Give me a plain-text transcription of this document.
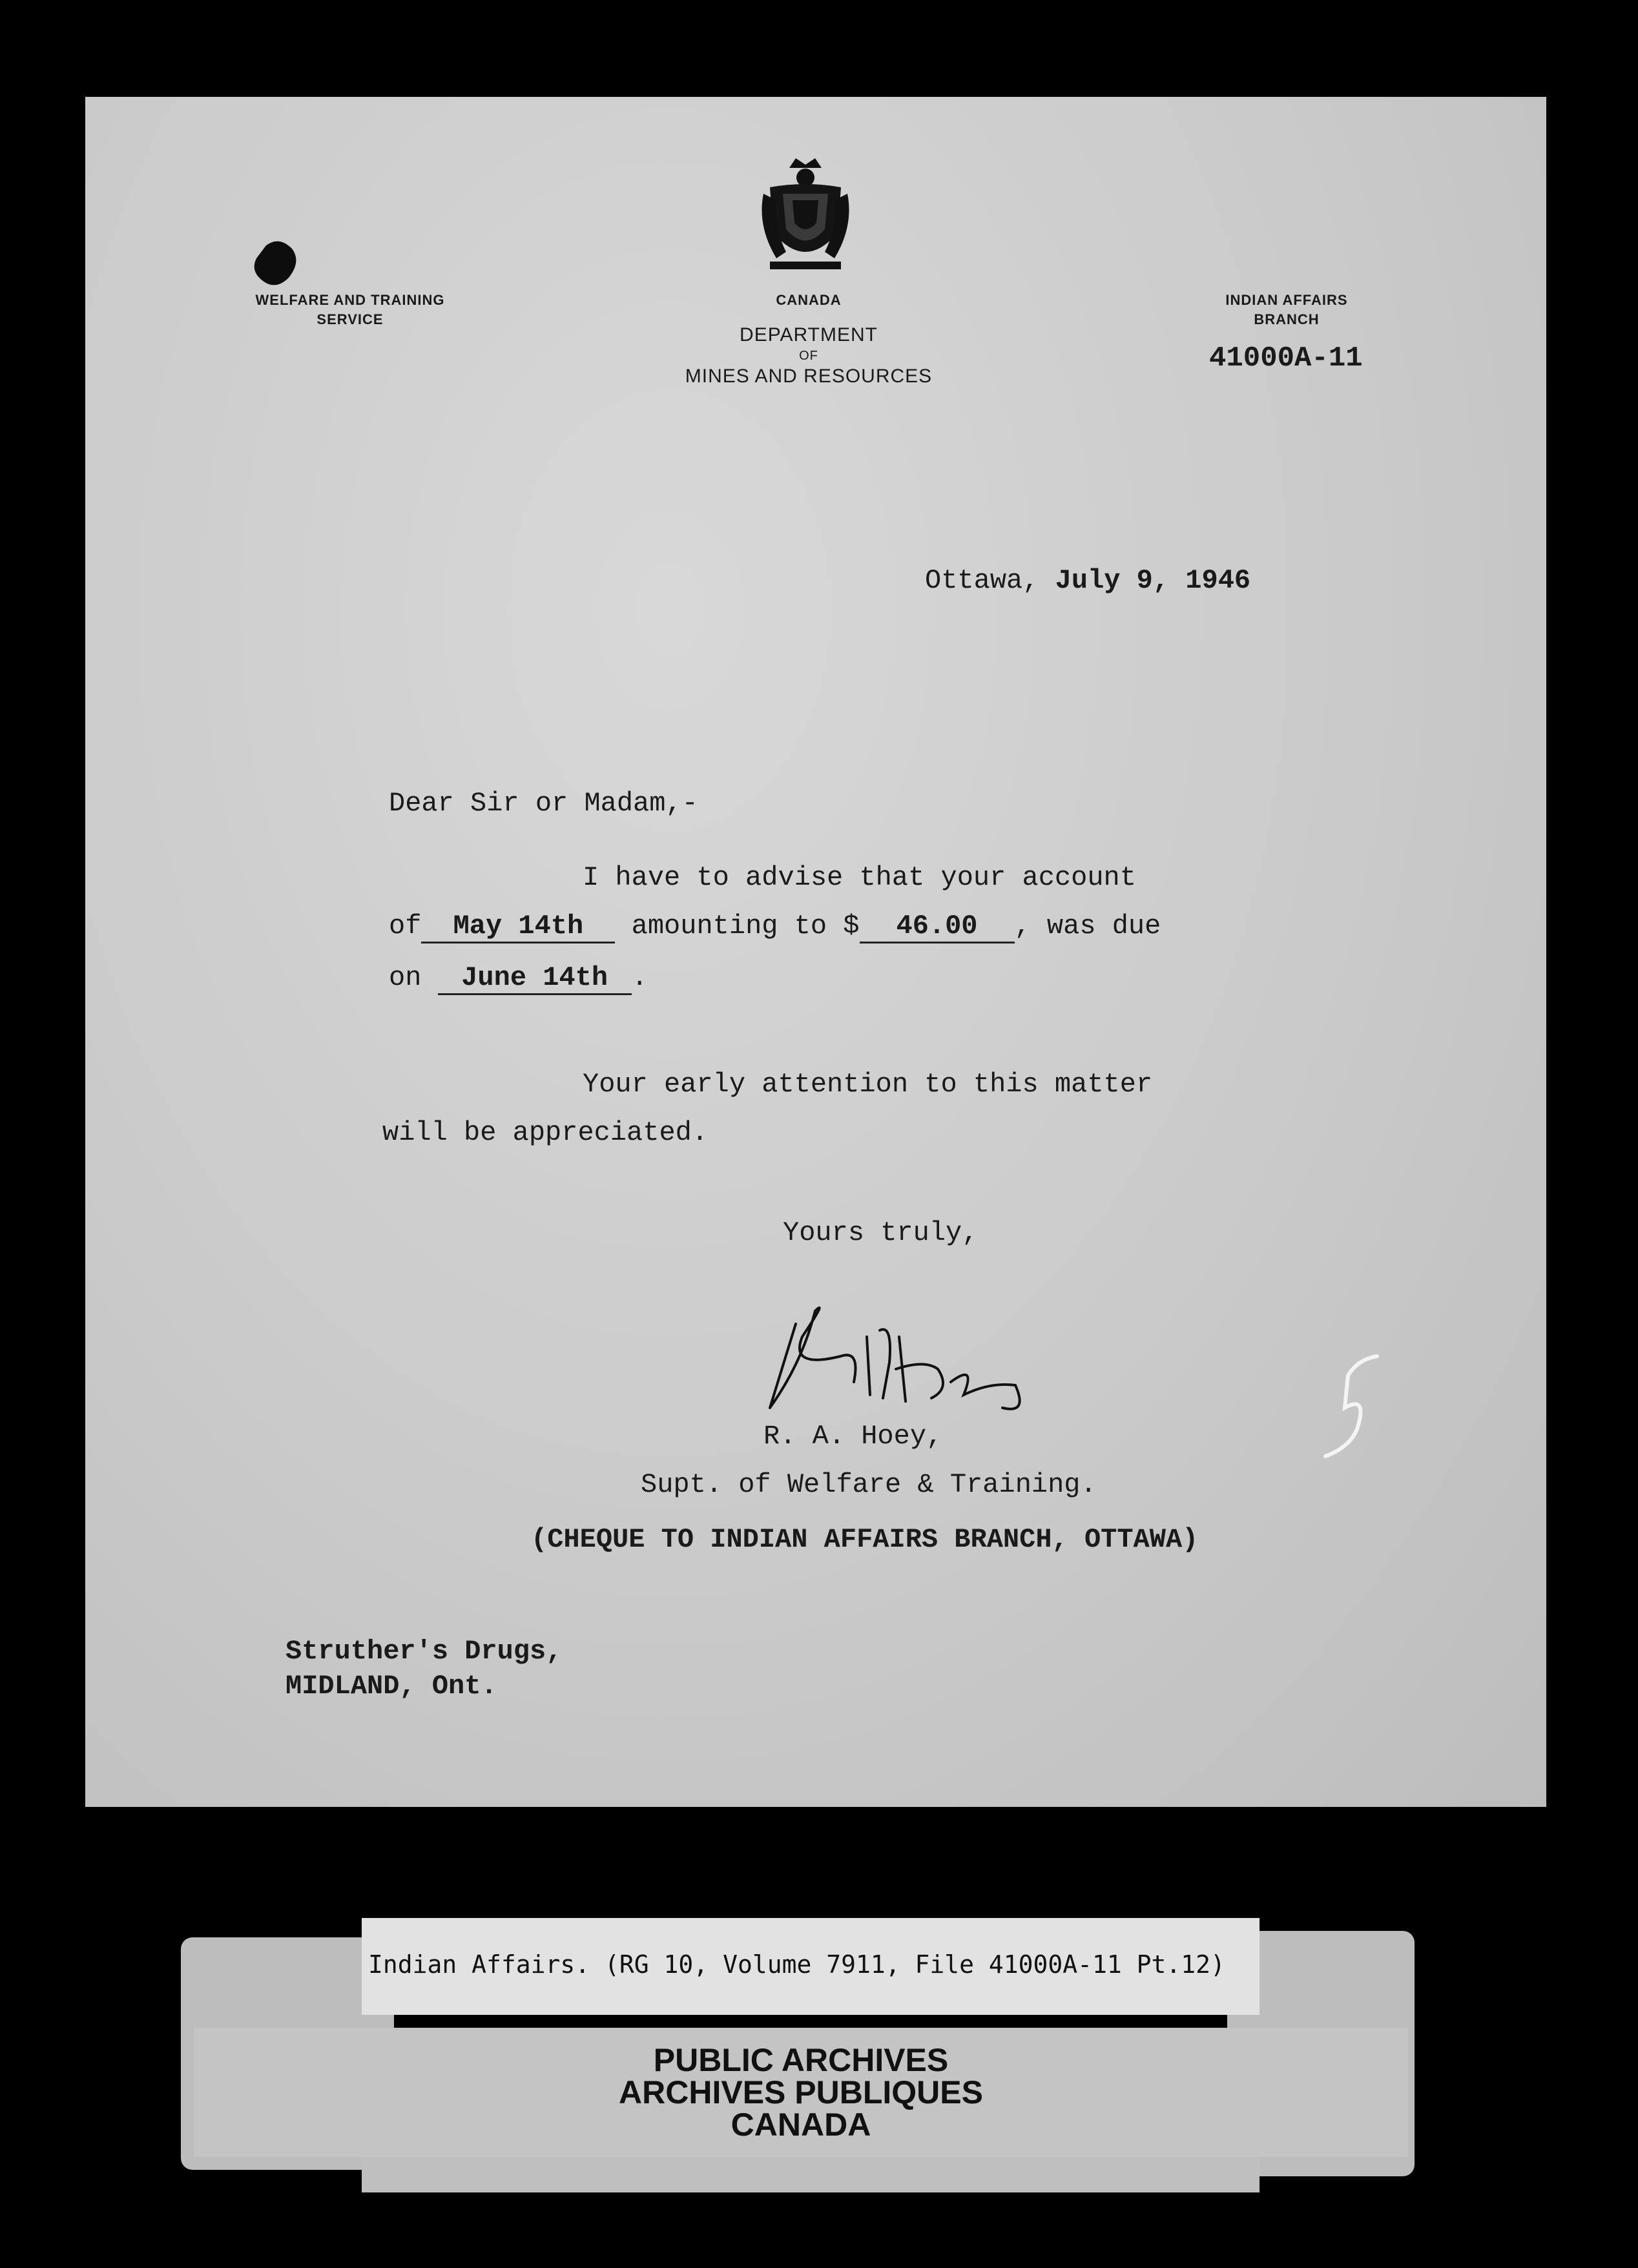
WELFARE AND TRAINING
SERVICE
CANADA
DEPARTMENT
OF
MINES AND RESOURCES
INDIAN AFFAIRS
BRANCH
41000A-11
Ottawa, July 9, 1946
Dear Sir or Madam,-
I have to advise that your account
of May 14th amounting to $ 46.00 , was due
on June 14th .
Your early attention to this matter
will be appreciated.
Yours truly,
R. A. Hoey,
Supt. of Welfare & Training.
(CHEQUE TO INDIAN AFFAIRS BRANCH, OTTAWA)
Struther's Drugs,
MIDLAND, Ont.
PUBLIC ARCHIVES
ARCHIVES PUBLIQUES
CANADA
Indian Affairs. (RG 10, Volume 7911, File 41000A-11 Pt.12)
